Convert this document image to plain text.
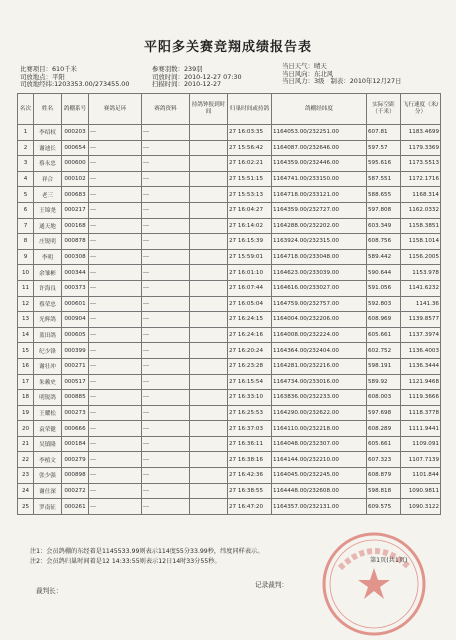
平阳多关赛竞翔成绩报告表
比赛项目：610千米
司放地点：平阳
司放地经纬:1203353.00/273455.00
参赛羽数：239羽
司放时间：2010-12-27 07:30
扫描时间：2010-12-27
当日天气：晴天
当日风向：东北风
当日风力：3级 制表：2010年12月27日
名次	姓名	鸽棚系号	赛鸽足环	赛鸽资料	持鸽钟报到时间	归巢时间或持鸽	鸽棚经纬度	实际空距（千米）	飞行速度（米/分）
1	李绍权	000203	---	---		27 16:03:35	1164053.00/232251.00	607.81	1183.4699
2	谢迪长	000654	---	---		27 15:56:42	1164087.00/232646.00	597.57	1179.3369
3	蔡永忠	000600	---	---		27 16:02:21	1164359.00/232446.00	595.616	1173.5513
4	祥合	000102	---	---		27 15:51:15	1164741.00/233150.00	587.551	1172.1716
5	老三	000683	---	---		27 15:53:13	1164718.00/233121.00	588.655	1168.314
6	王锦尧	000217	---	---		27 16:04:27	1164359.00/232727.00	597.808	1162.0332
7	通天地	000168	---	---		27 16:14:02	1164288.00/232202.00	603.349	1158.3851
8	庄锐明	000878	---	---		27 16:15:39	1163924.00/232315.00	608.756	1158.1014
9	李明	000308	---	---		27 15:59:01	1164718.00/233048.00	589.442	1156.2005
10	余雏彬	000344	---	---		27 16:01:10	1164623.00/233039.00	590.644	1153.978
11	许海良	000373	---	---		27 16:07:44	1164616.00/233027.00	591.056	1141.6232
12	蔡荣忠	000601	---	---		27 16:05:04	1164759.00/232757.00	592.803	1141.36
13	光辉鸽	000904	---	---		27 16:24:15	1164004.00/232206.00	608.969	1139.8577
14	蓝田鸽	000605	---	---		27 16:24:16	1164008.00/232224.00	605.661	1137.3974
15	纪少锋	000399	---	---		27 16:20:24	1164364.00/232404.00	602.752	1136.4003
16	谢壮冲	000271	---	---		27 16:23:28	1164281.00/232216.00	598.191	1136.3444
17	朱赖史	000517	---	---		27 16:15:54	1164734.00/233016.00	589.92	1121.9468
18	明锐鸽	000885	---	---		27 16:33:10	1163836.00/232233.00	608.003	1119.3666
19	王耀松	000273	---	---		27 16:25:53	1164290.00/232622.00	597.698	1118.3778
20	袁荣健	000666	---	---		27 16:37:03	1164110.00/232218.00	608.289	1111.9441
21	吴镇隆	000184	---	---		27 16:36:11	1164048.00/232307.00	605.661	1109.091
22	李植文	000279	---	---		27 16:38:16	1164144.00/232210.00	607.323	1107.7139
23	张少强	000898	---	---		27 16:42:36	1164045.00/232245.00	608.879	1101.844
24	谢仕深	000272	---	---		27 16:38:55	1164448.00/232608.00	598.818	1090.9811
25	罗南征	000261	---	---		27 16:47:20	1164357.00/232131.00	609.575	1090.3122
注1：会员鸽棚的东经着是1145533.99则表示114度55分33.99秒，纬度同样表示。
注2：会员鸽归巢时间着是12 14:33:55则表示12日14时33分55秒。
裁判长：
记录裁判：
第1页(共1页)
